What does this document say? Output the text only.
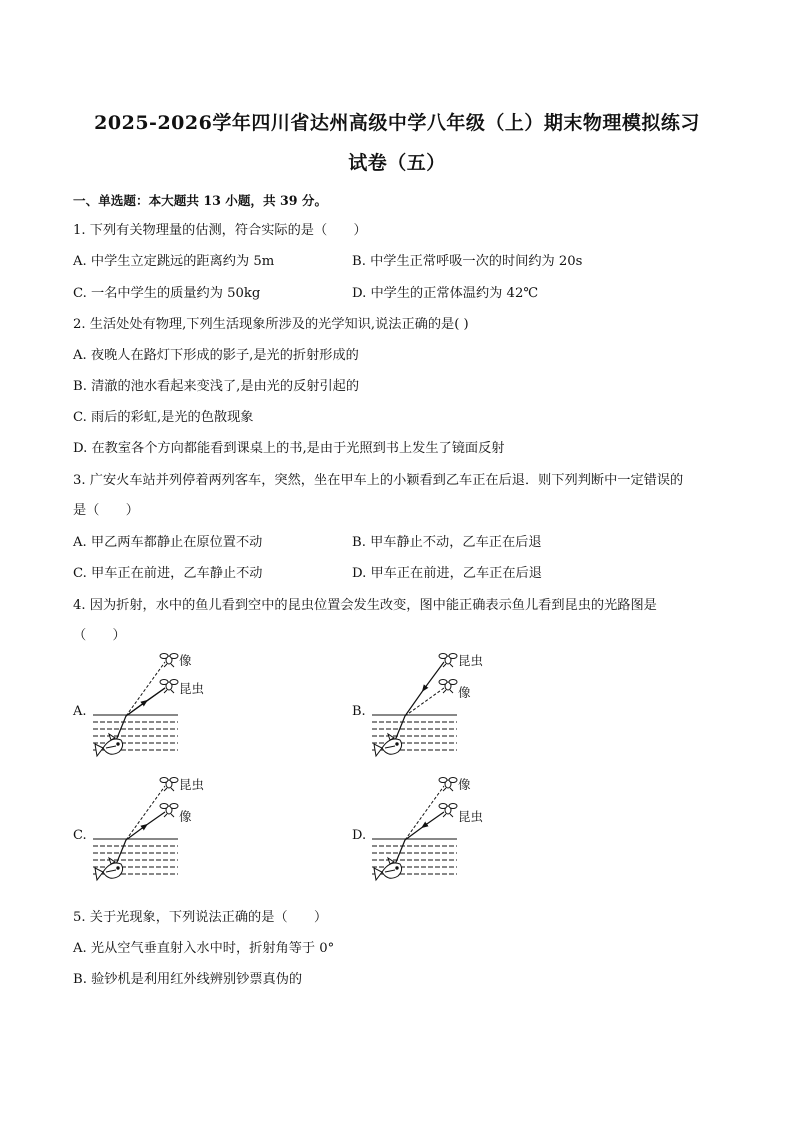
2025-2026学年四川省达州高级中学八年级（上）期末物理模拟练习
试卷（五）
一、单选题：本大题共 13 小题，共 39 分。
1. 下列有关物理量的估测，符合实际的是（　　）
A. 中学生立定跳远的距离约为 5m	B. 中学生正常呼吸一次的时间约为 20s
C. 一名中学生的质量约为 50kg	D. 中学生的正常体温约为 42℃
2. 生活处处有物理,下列生活现象所涉及的光学知识,说法正确的是( )
A. 夜晚人在路灯下形成的影子,是光的折射形成的
B. 清澈的池水看起来变浅了,是由光的反射引起的
C. 雨后的彩虹,是光的色散现象
D. 在教室各个方向都能看到课桌上的书,是由于光照到书上发生了镜面反射
3. 广安火车站并列停着两列客车，突然，坐在甲车上的小颖看到乙车正在后退．则下列判断中一定错误的
是（　　）
A. 甲乙两车都静止在原位置不动	B. 甲车静止不动，乙车正在后退
C. 甲车正在前进，乙车静止不动	D. 甲车正在前进，乙车正在后退
4. 因为折射，水中的鱼儿看到空中的昆虫位置会发生改变，图中能正确表示鱼儿看到昆虫的光路图是
（　　）
A.
像
昆虫
B.
昆虫
像
C.
昆虫
像
D.
像
昆虫
5. 关于光现象，下列说法正确的是（　　）
A. 光从空气垂直射入水中时，折射角等于 0°
B. 验钞机是利用红外线辨别钞票真伪的
